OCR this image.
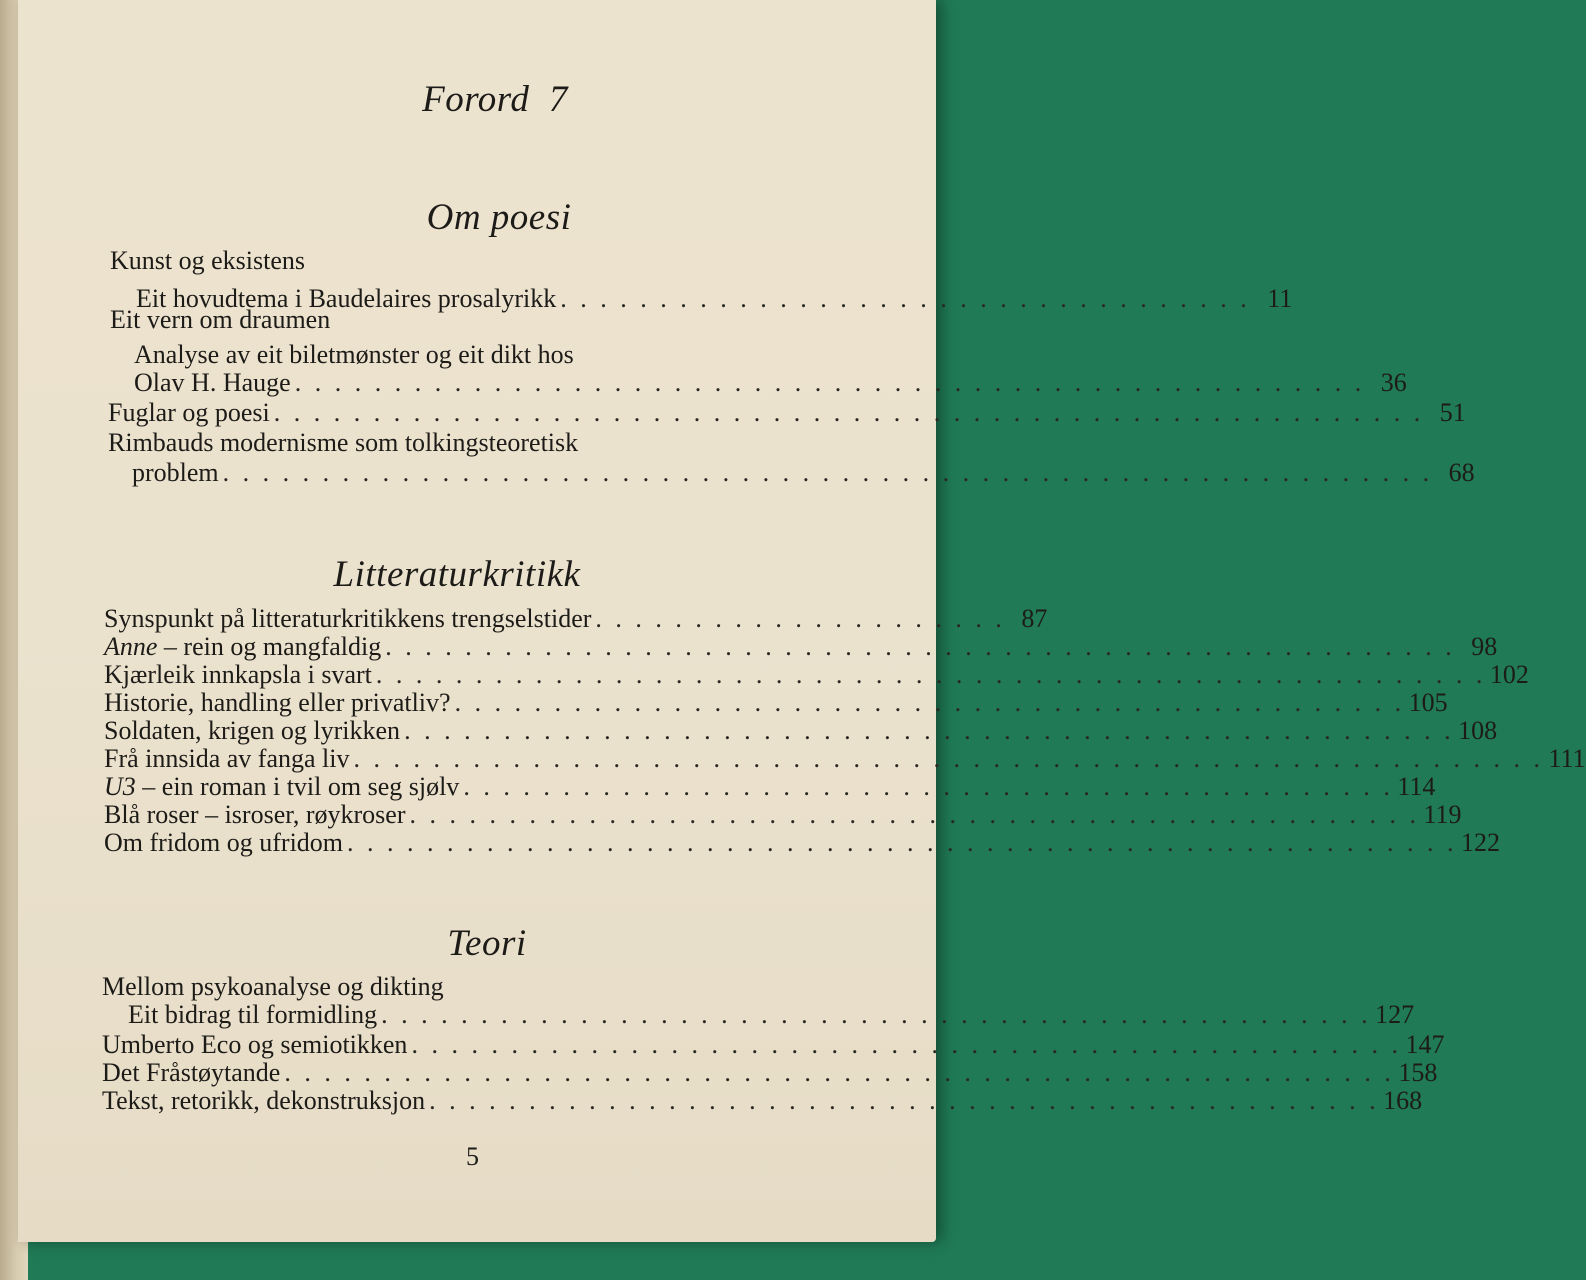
Forord 7
Om poesi
Kunst og eksistens
Eit hovudtema i Baudelaires prosalyrikk . . . . . . . . . . . . . . . . . . . . . . . . . . . . . . . . . . . 11
Eit vern om draumen
Analyse av eit biletmønster og eit dikt hos
Olav H. Hauge . . . . . . . . . . . . . . . . . . . . . . . . . . . . . . . . . . . . . . . . . . . . . . . . . . . . . . 36
Fuglar og poesi . . . . . . . . . . . . . . . . . . . . . . . . . . . . . . . . . . . . . . . . . . . . . . . . . . . . . . . . . . 51
Rimbauds modernisme som tolkingsteoretisk
problem . . . . . . . . . . . . . . . . . . . . . . . . . . . . . . . . . . . . . . . . . . . . . . . . . . . . . . . . . . . . . 68
Litteraturkritikk
Synspunkt på litteraturkritikkens trengselstider . . . . . . . . . . . . . . . . . . . . . 87
Anne – rein og mangfaldig . . . . . . . . . . . . . . . . . . . . . . . . . . . . . . . . . . . . . . . . . . . . . . . . . . . . . . 98
Kjærleik innkapsla i svart . . . . . . . . . . . . . . . . . . . . . . . . . . . . . . . . . . . . . . . . . . . . . . . . . . . . . . . . 102
Historie, handling eller privatliv? . . . . . . . . . . . . . . . . . . . . . . . . . . . . . . . . . . . . . . . . . . . . . . . . 105
Soldaten, krigen og lyrikken . . . . . . . . . . . . . . . . . . . . . . . . . . . . . . . . . . . . . . . . . . . . . . . . . . . . . 108
Frå innsida av fanga liv . . . . . . . . . . . . . . . . . . . . . . . . . . . . . . . . . . . . . . . . . . . . . . . . . . . . . . . . . . . . 111
U3 – ein roman i tvil om seg sjølv . . . . . . . . . . . . . . . . . . . . . . . . . . . . . . . . . . . . . . . . . . . . . . . 114
Blå roser – isroser, røykroser . . . . . . . . . . . . . . . . . . . . . . . . . . . . . . . . . . . . . . . . . . . . . . . . . . . 119
Om fridom og ufridom . . . . . . . . . . . . . . . . . . . . . . . . . . . . . . . . . . . . . . . . . . . . . . . . . . . . . . . . 122
Teori
Mellom psykoanalyse og dikting
Eit bidrag til formidling . . . . . . . . . . . . . . . . . . . . . . . . . . . . . . . . . . . . . . . . . . . . . . . . . . 127
Umberto Eco og semiotikken . . . . . . . . . . . . . . . . . . . . . . . . . . . . . . . . . . . . . . . . . . . . . . . . . . 147
Det Fråstøytande . . . . . . . . . . . . . . . . . . . . . . . . . . . . . . . . . . . . . . . . . . . . . . . . . . . . . . . . 158
Tekst, retorikk, dekonstruksjon . . . . . . . . . . . . . . . . . . . . . . . . . . . . . . . . . . . . . . . . . . . . . . . . 168
5
